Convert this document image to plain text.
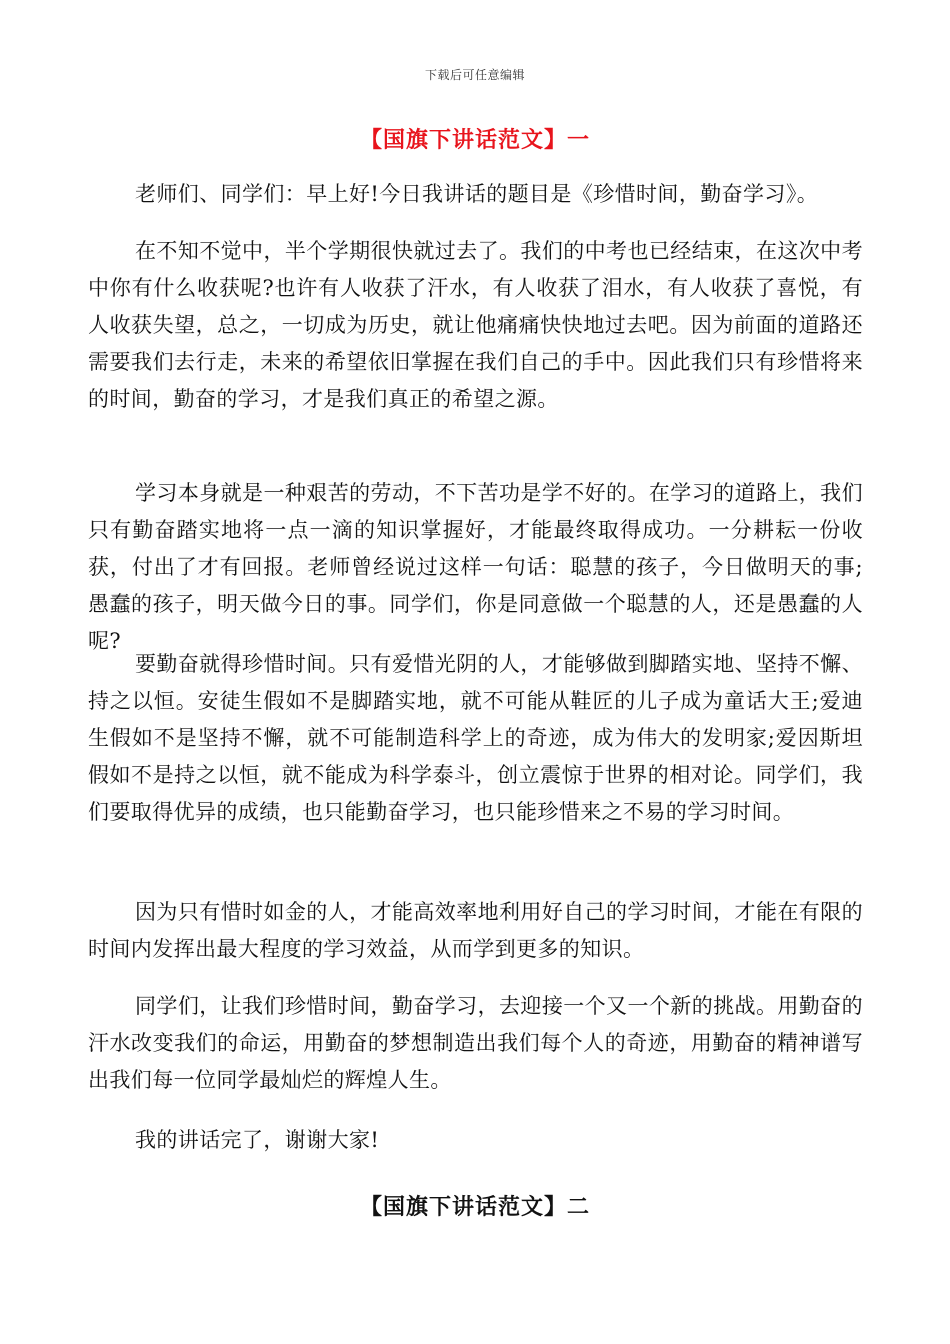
下载后可任意编辑
【国旗下讲话范文】一

老师们、同学们：早上好!今日我讲话的题目是《珍惜时间，勤奋学习》。

在不知不觉中，半个学期很快就过去了。我们的中考也已经结束，在这次中考中你有什么收获呢?也许有人收获了汗水，有人收获了泪水，有人收获了喜悦，有人收获失望，总之，一切成为历史，就让他痛痛快快地过去吧。因为前面的道路还需要我们去行走，未来的希望依旧掌握在我们自己的手中。因此我们只有珍惜将来的时间，勤奋的学习，才是我们真正的希望之源。

学习本身就是一种艰苦的劳动，不下苦功是学不好的。在学习的道路上，我们只有勤奋踏实地将一点一滴的知识掌握好，才能最终取得成功。一分耕耘一份收获，付出了才有回报。老师曾经说过这样一句话：聪慧的孩子，今日做明天的事;愚蠢的孩子，明天做今日的事。同学们，你是同意做一个聪慧的人，还是愚蠢的人呢?

要勤奋就得珍惜时间。只有爱惜光阴的人，才能够做到脚踏实地、坚持不懈、持之以恒。安徒生假如不是脚踏实地，就不可能从鞋匠的儿子成为童话大王;爱迪生假如不是坚持不懈，就不可能制造科学上的奇迹，成为伟大的发明家;爱因斯坦假如不是持之以恒，就不能成为科学泰斗，创立震惊于世界的相对论。同学们，我们要取得优异的成绩，也只能勤奋学习，也只能珍惜来之不易的学习时间。

因为只有惜时如金的人，才能高效率地利用好自己的学习时间，才能在有限的时间内发挥出最大程度的学习效益，从而学到更多的知识。

同学们，让我们珍惜时间，勤奋学习，去迎接一个又一个新的挑战。用勤奋的汗水改变我们的命运，用勤奋的梦想制造出我们每个人的奇迹，用勤奋的精神谱写出我们每一位同学最灿烂的辉煌人生。

我的讲话完了，谢谢大家!

【国旗下讲话范文】二
